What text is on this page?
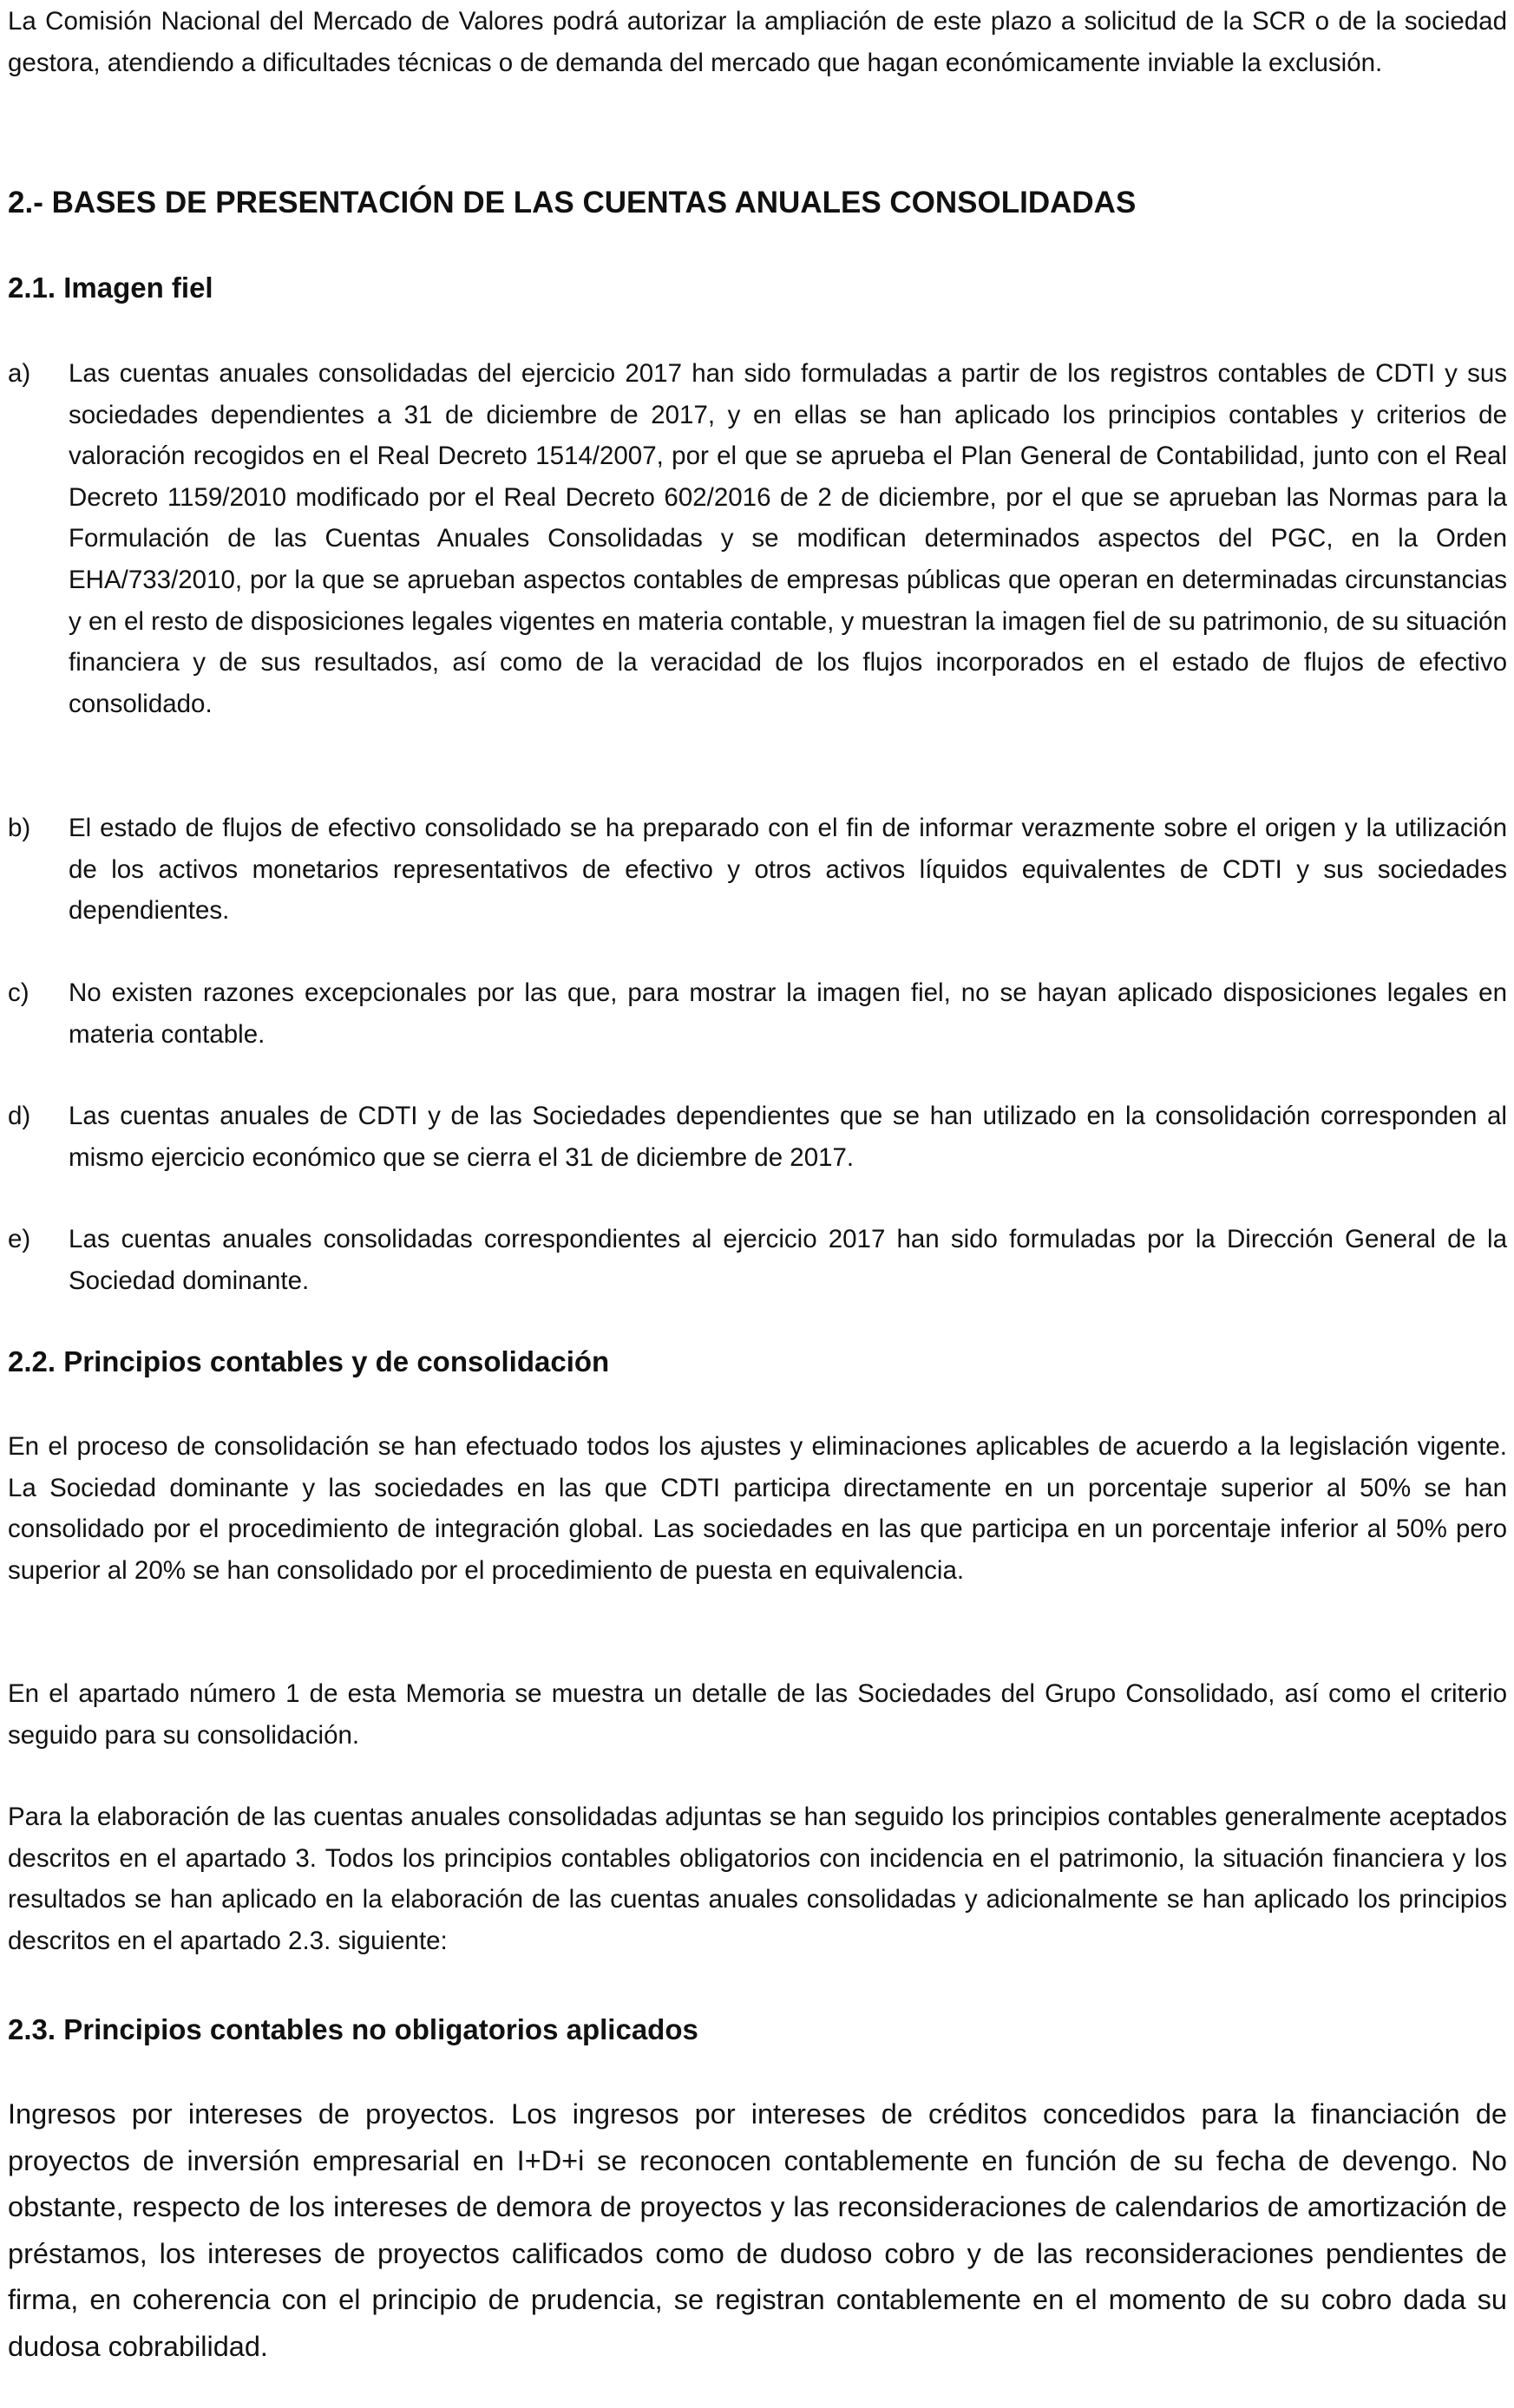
La Comisión Nacional del Mercado de Valores podrá autorizar la ampliación de este plazo a solicitud de la SCR o de la sociedad gestora, atendiendo a dificultades técnicas o de demanda del mercado que hagan económicamente inviable la exclusión.

2.- BASES DE PRESENTACIÓN DE LAS CUENTAS ANUALES CONSOLIDADAS
2.1. Imagen fiel
a)	Las cuentas anuales consolidadas del ejercicio 2017 han sido formuladas a partir de los registros contables de CDTI y sus sociedades dependientes a 31 de diciembre de 2017, y en ellas se han aplicado los principios contables y criterios de valoración recogidos en el Real Decreto 1514/2007, por el que se aprueba el Plan General de Contabilidad, junto con el Real Decreto 1159/2010 modificado por el Real Decreto 602/2016 de 2 de diciembre, por el que se aprueban las Normas para la Formulación de las Cuentas Anuales Consolidadas y se modifican determinados aspectos del PGC, en la Orden EHA/733/2010, por la que se aprueban aspectos contables de empresas públicas que operan en determinadas circunstancias y en el resto de disposiciones legales vigentes en materia contable, y muestran la imagen fiel de su patrimonio, de su situación financiera y de sus resultados, así como de la veracidad de los flujos incorporados en el estado de flujos de efectivo consolidado.

b)	El estado de flujos de efectivo consolidado se ha preparado con el fin de informar verazmente sobre el origen y la utilización de los activos monetarios representativos de efectivo y otros activos líquidos equivalentes de CDTI y sus sociedades dependientes.

c)	No existen razones excepcionales por las que, para mostrar la imagen fiel, no se hayan aplicado disposiciones legales en materia contable.

d)	Las cuentas anuales de CDTI y de las Sociedades dependientes que se han utilizado en la consolidación corresponden al mismo ejercicio económico que se cierra el 31 de diciembre de 2017.

e)	Las cuentas anuales consolidadas correspondientes al ejercicio 2017 han sido formuladas por la Dirección General de la Sociedad dominante.

2.2. Principios contables y de consolidación

En el proceso de consolidación se han efectuado todos los ajustes y eliminaciones aplicables de acuerdo a la legislación vigente. La Sociedad dominante y las sociedades en las que CDTI participa directamente en un porcentaje superior al 50% se han consolidado por el procedimiento de integración global. Las sociedades en las que participa en un porcentaje inferior al 50% pero superior al 20% se han consolidado por el procedimiento de puesta en equivalencia.

En el apartado número 1 de esta Memoria se muestra un detalle de las Sociedades del Grupo Consolidado, así como el criterio seguido para su consolidación.

Para la elaboración de las cuentas anuales consolidadas adjuntas se han seguido los principios contables generalmente aceptados descritos en el apartado 3. Todos los principios contables obligatorios con incidencia en el patrimonio, la situación financiera y los resultados se han aplicado en la elaboración de las cuentas anuales consolidadas y adicionalmente se han aplicado los principios descritos en el apartado 2.3. siguiente:

2.3. Principios contables no obligatorios aplicados

Ingresos por intereses de proyectos. Los ingresos por intereses de créditos concedidos para la financiación de proyectos de inversión empresarial en I+D+i se reconocen contablemente en función de su fecha de devengo. No obstante, respecto de los intereses de demora de proyectos y las reconsideraciones de calendarios de amortización de préstamos, los intereses de proyectos calificados como de dudoso cobro y de las reconsideraciones pendientes de firma, en coherencia con el principio de prudencia, se registran contablemente en el momento de su cobro dada su dudosa cobrabilidad.
